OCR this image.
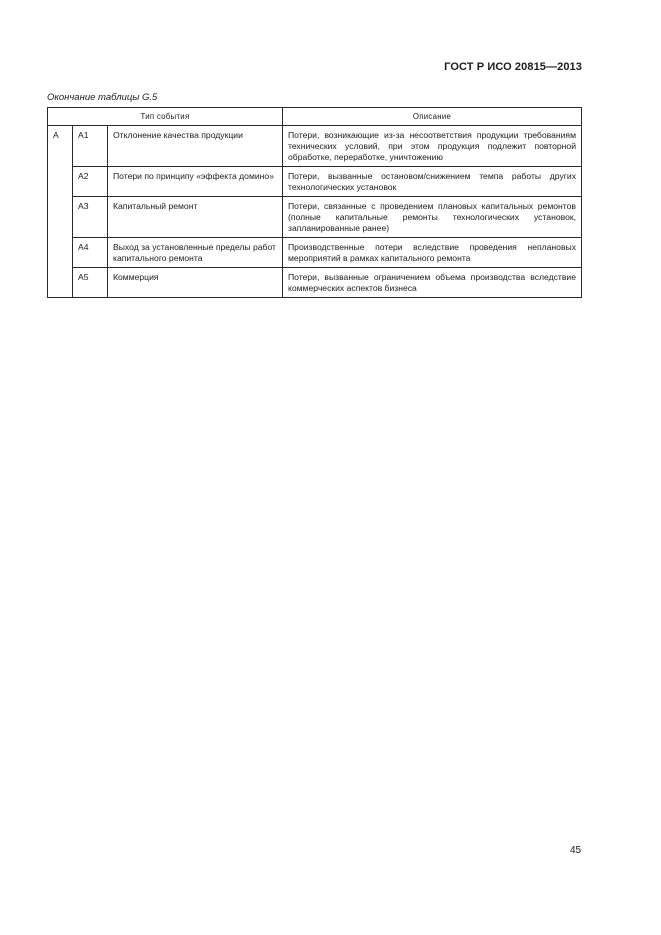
ГОСТ Р ИСО 20815—2013
Окончание таблицы G.5
Тип события			Описание
A	A1	Отклонение качества продукции	Потери, возникающие из-за несоответствия продукции требованиям технических условий, при этом продукция подлежит повторной обработке, переработке, уничтожению
	A2	Потери по принципу «эффекта домино»	Потери, вызванные остановом/снижением темпа работы других технологических установок
	A3	Капитальный ремонт	Потери, связанные с проведением плановых капитальных ремонтов (полные капитальные ремонты технологических установок, запланированные ранее)
	A4	Выход за установленные пределы работ капитального ремонта	Производственные потери вследствие проведения неплановых мероприятий в рамках капитального ремонта
	A5	Коммерция	Потери, вызванные ограничением объема производства вследствие коммерческих аспектов бизнеса
45
